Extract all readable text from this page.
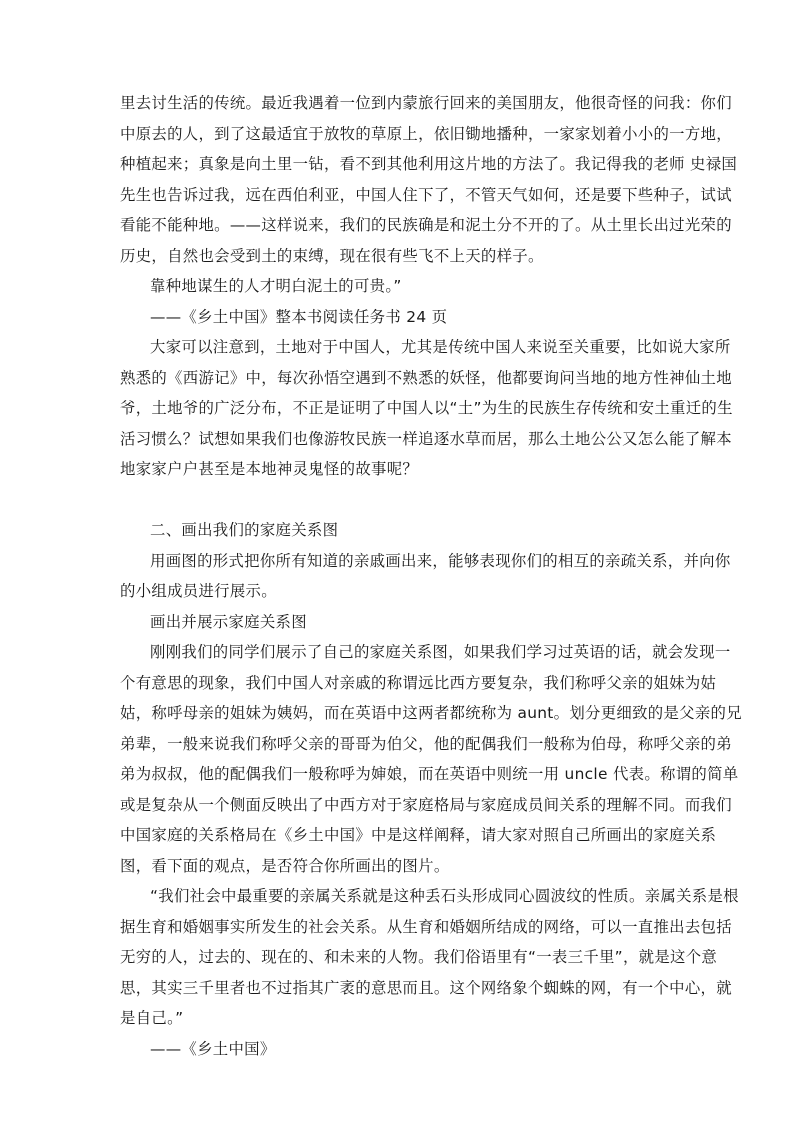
里去讨生活的传统。最近我遇着一位到内蒙旅行回来的美国朋友，他很奇怪的问我：你们
中原去的人，到了这最适宜于放牧的草原上，依旧锄地播种，一家家划着小小的一方地，
种植起来；真象是向土里一钻，看不到其他利用这片地的方法了。我记得我的老师 史禄国
先生也告诉过我，远在西伯利亚，中国人住下了，不管天气如何，还是要下些种子，试试
看能不能种地。——这样说来，我们的民族确是和泥土分不开的了。从土里长出过光荣的
历史，自然也会受到土的束缚，现在很有些飞不上天的样子。
靠种地谋生的人才明白泥土的可贵。”
——《乡土中国》整本书阅读任务书 24 页
大家可以注意到，土地对于中国人，尤其是传统中国人来说至关重要，比如说大家所
熟悉的《西游记》中，每次孙悟空遇到不熟悉的妖怪，他都要询问当地的地方性神仙土地
爷，土地爷的广泛分布，不正是证明了中国人以“土”为生的民族生存传统和安土重迁的生
活习惯么？试想如果我们也像游牧民族一样追逐水草而居，那么土地公公又怎么能了解本
地家家户户甚至是本地神灵鬼怪的故事呢？
二、画出我们的家庭关系图
用画图的形式把你所有知道的亲戚画出来，能够表现你们的相互的亲疏关系，并向你
的小组成员进行展示。
画出并展示家庭关系图
刚刚我们的同学们展示了自己的家庭关系图，如果我们学习过英语的话，就会发现一
个有意思的现象，我们中国人对亲戚的称谓远比西方要复杂，我们称呼父亲的姐妹为姑
姑，称呼母亲的姐妹为姨妈，而在英语中这两者都统称为 aunt。划分更细致的是父亲的兄
弟辈，一般来说我们称呼父亲的哥哥为伯父，他的配偶我们一般称为伯母，称呼父亲的弟
弟为叔叔，他的配偶我们一般称呼为婶娘，而在英语中则统一用 uncle 代表。称谓的简单
或是复杂从一个侧面反映出了中西方对于家庭格局与家庭成员间关系的理解不同。而我们
中国家庭的关系格局在《乡土中国》中是这样阐释，请大家对照自己所画出的家庭关系
图，看下面的观点，是否符合你所画出的图片。
“我们社会中最重要的亲属关系就是这种丢石头形成同心圆波纹的性质。亲属关系是根
据生育和婚姻事实所发生的社会关系。从生育和婚姻所结成的网络，可以一直推出去包括
无穷的人，过去的、现在的、和未来的人物。我们俗语里有“一表三千里”，就是这个意
思，其实三千里者也不过指其广袤的意思而且。这个网络象个蜘蛛的网，有一个中心，就
是自己。”
——《乡土中国》
